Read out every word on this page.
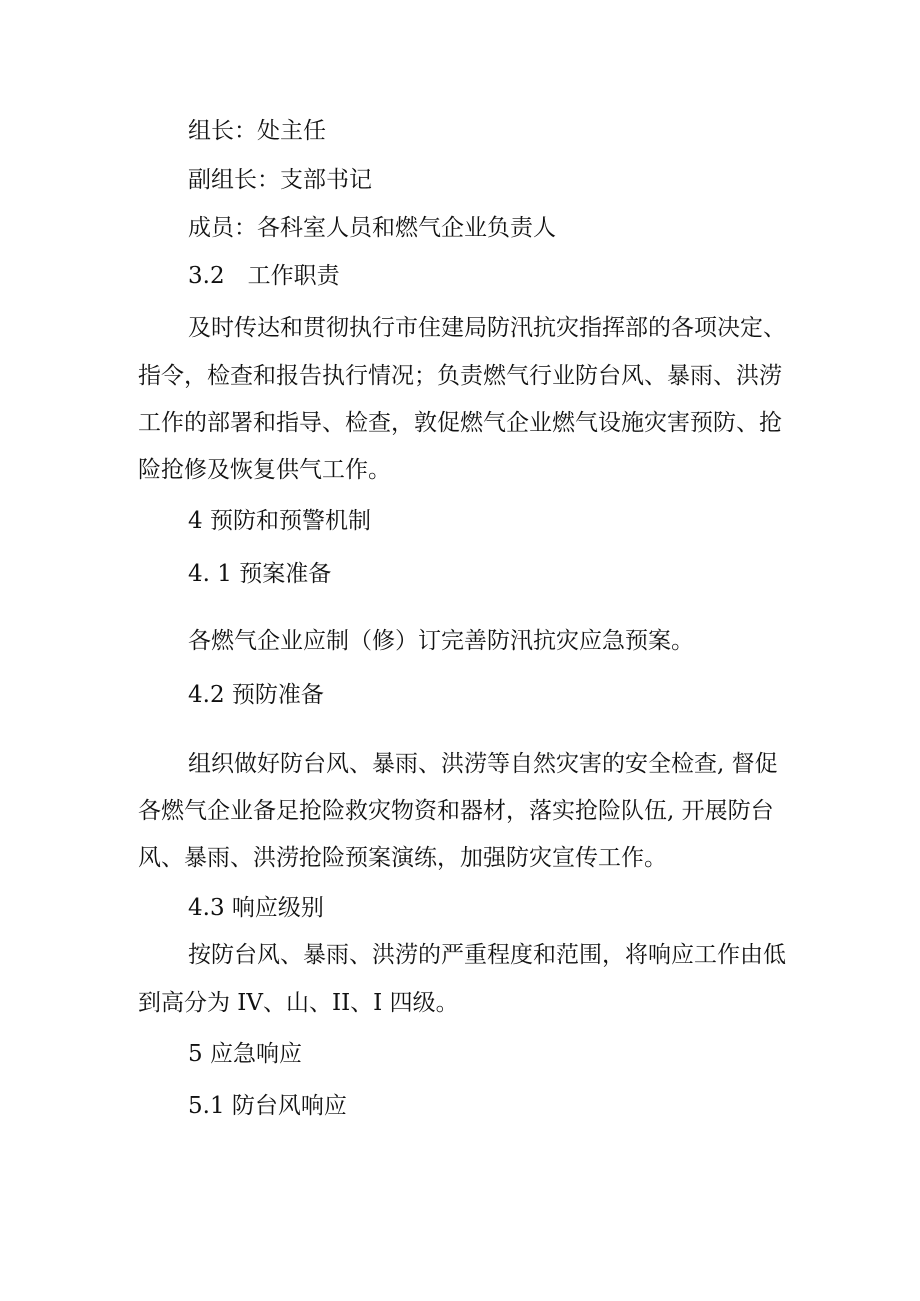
组长：处主任
副组长：支部书记
成员：各科室人员和燃气企业负责人
3.2　工作职责
及时传达和贯彻执行市住建局防汛抗灾指挥部的各项决定、
指令，检查和报告执行情况；负责燃气行业防台风、暴雨、洪涝
工作的部署和指导、检查，敦促燃气企业燃气设施灾害预防、抢
险抢修及恢复供气工作。
4 预防和预警机制
4. 1 预案准备
各燃气企业应制（修）订完善防汛抗灾应急预案。
4.2 预防准备
组织做好防台风、暴雨、洪涝等自然灾害的安全检查, 督促
各燃气企业备足抢险救灾物资和器材，落实抢险队伍, 开展防台
风、暴雨、洪涝抢险预案演练，加强防灾宣传工作。
4.3 响应级别
按防台风、暴雨、洪涝的严重程度和范围，将响应工作由低
到高分为 IV、山、II、I 四级。
5 应急响应
5.1 防台风响应
